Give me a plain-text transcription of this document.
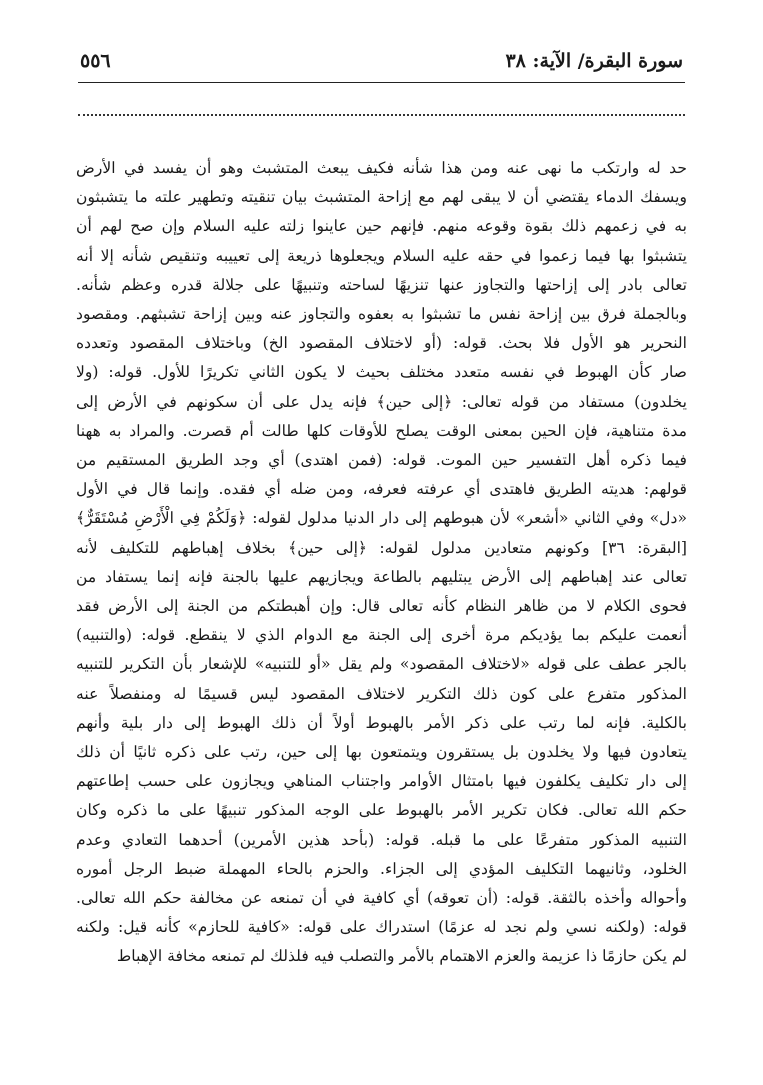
سورة البقرة/ الآية: ٣٨
٥٥٦

حد له وارتكب ما نهى عنه ومن هذا شأنه فكيف يبعث المتشبث وهو أن يفسد في الأرض

ويسفك الدماء يقتضي أن لا يبقى لهم مع إزاحة المتشبث بيان تنقيته وتطهير علته ما يتشبثون

به في زعمهم ذلك بقوة وقوعه منهم. فإنهم حين عاينوا زلته عليه السلام وإن صح لهم أن

يتشبثوا بها فيما زعموا في حقه عليه السلام ويجعلوها ذريعة إلى تعييبه وتنقيص شأنه إلا أنه

تعالى بادر إلى إزاحتها والتجاوز عنها تنزيهًا لساحته وتنبيهًا على جلالة قدره وعظم شأنه.

وبالجملة فرق بين إزاحة نفس ما تشبثوا به بعفوه والتجاوز عنه وبين إزاحة تشبثهم. ومقصود

النحرير هو الأول فلا بحث. قوله: (أو لاختلاف المقصود الخ) وباختلاف المقصود وتعدده

صار كأن الهبوط في نفسه متعدد مختلف بحيث لا يكون الثاني تكريرًا للأول. قوله: (ولا

يخلدون) مستفاد من قوله تعالى: ﴿إلى حين﴾ فإنه يدل على أن سكونهم في الأرض إلى

مدة متناهية، فإن الحين بمعنى الوقت يصلح للأوقات كلها طالت أم قصرت. والمراد به ههنا

فيما ذكره أهل التفسير حين الموت. قوله: (فمن اهتدى) أي وجد الطريق المستقيم من

قولهم: هديته الطريق فاهتدى أي عرفته فعرفه، ومن ضله أي فقده. وإنما قال في الأول

«دل» وفي الثاني «أشعر» لأن هبوطهم إلى دار الدنيا مدلول لقوله: ﴿وَلَكُمْ فِي الْأَرْضِ مُسْتَقَرٌّ﴾

[البقرة: ٣٦] وكونهم متعادين مدلول لقوله: ﴿إلى حين﴾ بخلاف إهباطهم للتكليف لأنه

تعالى عند إهباطهم إلى الأرض يبتليهم بالطاعة ويجازيهم عليها بالجنة فإنه إنما يستفاد من

فحوى الكلام لا من ظاهر النظام كأنه تعالى قال: وإن أهبطتكم من الجنة إلى الأرض فقد

أنعمت عليكم بما يؤديكم مرة أخرى إلى الجنة مع الدوام الذي لا ينقطع. قوله: (والتنبيه)

بالجر عطف على قوله «لاختلاف المقصود» ولم يقل «أو للتنبيه» للإشعار بأن التكرير للتنبيه

المذكور متفرع على كون ذلك التكرير لاختلاف المقصود ليس قسيمًا له ومنفصلاً عنه

بالكلية. فإنه لما رتب على ذكر الأمر بالهبوط أولاً أن ذلك الهبوط إلى دار بلية وأنهم

يتعادون فيها ولا يخلدون بل يستقرون ويتمتعون بها إلى حين، رتب على ذكره ثانيًا أن ذلك

إلى دار تكليف يكلفون فيها بامتثال الأوامر واجتناب المناهي ويجازون على حسب إطاعتهم

حكم الله تعالى. فكان تكرير الأمر بالهبوط على الوجه المذكور تنبيهًا على ما ذكره وكان

التنبيه المذكور متفرعًا على ما قبله. قوله: (بأحد هذين الأمرين) أحدهما التعادي وعدم

الخلود، وثانيهما التكليف المؤدي إلى الجزاء. والحزم بالحاء المهملة ضبط الرجل أموره

وأحواله وأخذه بالثقة. قوله: (أن تعوقه) أي كافية في أن تمنعه عن مخالفة حكم الله تعالى.

قوله: (ولكنه نسي ولم نجد له عزمًا) استدراك على قوله: «كافية للحازم» كأنه قيل: ولكنه

لم يكن حازمًا ذا عزيمة والعزم الاهتمام بالأمر والتصلب فيه فلذلك لم تمنعه مخافة الإهباط
